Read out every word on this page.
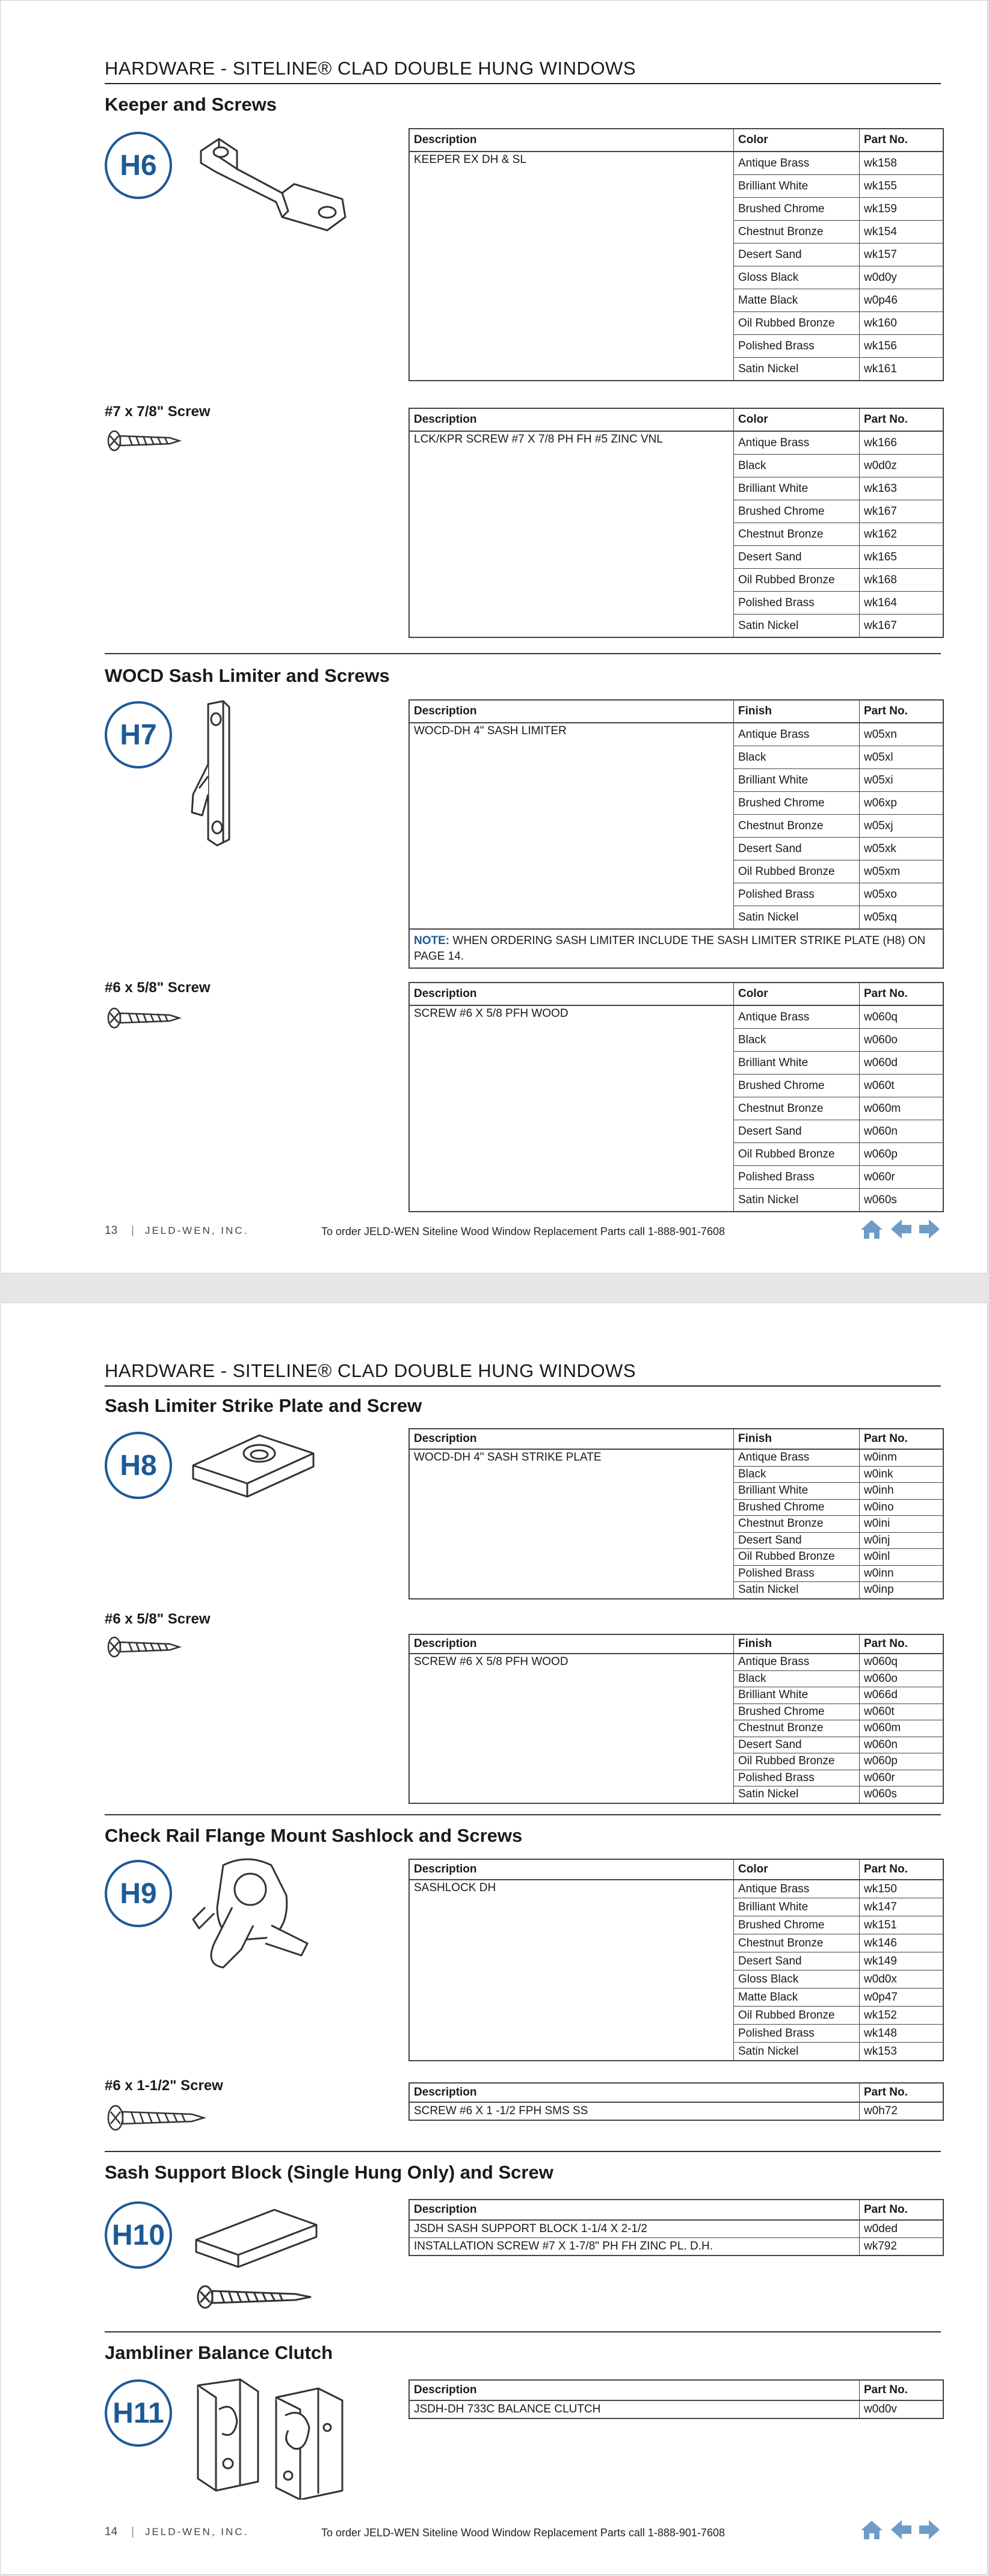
HARDWARE - SITELINE® CLAD DOUBLE HUNG WINDOWS
Keeper and Screws
H6
Description	Color	Part No.
KEEPER EX DH & SL	Antique Brass	wk158
Brilliant White	wk155
Brushed Chrome	wk159
Chestnut Bronze	wk154
Desert Sand	wk157
Gloss Black	w0d0y
Matte Black	w0p46
Oil Rubbed Bronze	wk160
Polished Brass	wk156
Satin Nickel	wk161
#7 x 7/8" Screw	Description	Color	Part No.
LCK/KPR SCREW #7 X 7/8 PH FH #5 ZINC VNL	Antique Brass	wk166
Black	w0d0z
Brilliant White	wk163
Brushed Chrome	wk167
Chestnut Bronze	wk162
Desert Sand	wk165
Oil Rubbed Bronze	wk168
Polished Brass	wk164
Satin Nickel	wk167
WOCD Sash Limiter and Screws
H7
Description	Finish	Part No.
WOCD-DH 4" SASH LIMITER	Antique Brass	w05xn
Black	w05xl
Brilliant White	w05xi
Brushed Chrome	w06xp
Chestnut Bronze	w05xj
Desert Sand	w05xk
Oil Rubbed Bronze	w05xm
Polished Brass	w05xo
Satin Nickel	w05xq
NOTE: WHEN ORDERING SASH LIMITER INCLUDE THE SASH LIMITER STRIKE PLATE (H8) ON PAGE 14.
#6 x 5/8" Screw	Description	Color	Part No.
SCREW #6 X 5/8 PFH WOOD	Antique Brass	w060q
Black	w060o
Brilliant White	w060d
Brushed Chrome	w060t
Chestnut Bronze	w060m
Desert Sand	w060n
Oil Rubbed Bronze	w060p
Polished Brass	w060r
Satin Nickel	w060s
13 | JELD-WEN, INC.	To order JELD-WEN Siteline Wood Window Replacement Parts call 1-888-901-7608
HARDWARE - SITELINE® CLAD DOUBLE HUNG WINDOWS
Sash Limiter Strike Plate and Screw
H8
Description	Finish	Part No.
WOCD-DH 4" SASH STRIKE PLATE	Antique Brass	w0inm
Black	w0ink
Brilliant White	w0inh
Brushed Chrome	w0ino
Chestnut Bronze	w0ini
Desert Sand	w0inj
Oil Rubbed Bronze	w0inl
Polished Brass	w0inn
Satin Nickel	w0inp
#6 x 5/8" Screw
Description	Finish	Part No.
SCREW #6 X 5/8 PFH WOOD	Antique Brass	w060q
Black	w060o
Brilliant White	w066d
Brushed Chrome	w060t
Chestnut Bronze	w060m
Desert Sand	w060n
Oil Rubbed Bronze	w060p
Polished Brass	w060r
Satin Nickel	w060s
Check Rail Flange Mount Sashlock and Screws
H9
Description	Color	Part No.
SASHLOCK DH	Antique Brass	wk150
Brilliant White	wk147
Brushed Chrome	wk151
Chestnut Bronze	wk146
Desert Sand	wk149
Gloss Black	w0d0x
Matte Black	w0p47
Oil Rubbed Bronze	wk152
Polished Brass	wk148
Satin Nickel	wk153
#6 x 1-1/2" Screw	Description	Part No.
SCREW #6 X 1 -1/2 FPH SMS SS	w0h72
Sash Support Block (Single Hung Only) and Screw
H10
Description	Part No.
JSDH SASH SUPPORT BLOCK 1-1/4 X 2-1/2	w0ded
INSTALLATION SCREW #7 X 1-7/8" PH FH ZINC PL. D.H.	wk792
Jambliner Balance Clutch
H11
Description	Part No.
JSDH-DH 733C BALANCE CLUTCH	w0d0v
14 | JELD-WEN, INC.	To order JELD-WEN Siteline Wood Window Replacement Parts call 1-888-901-7608
